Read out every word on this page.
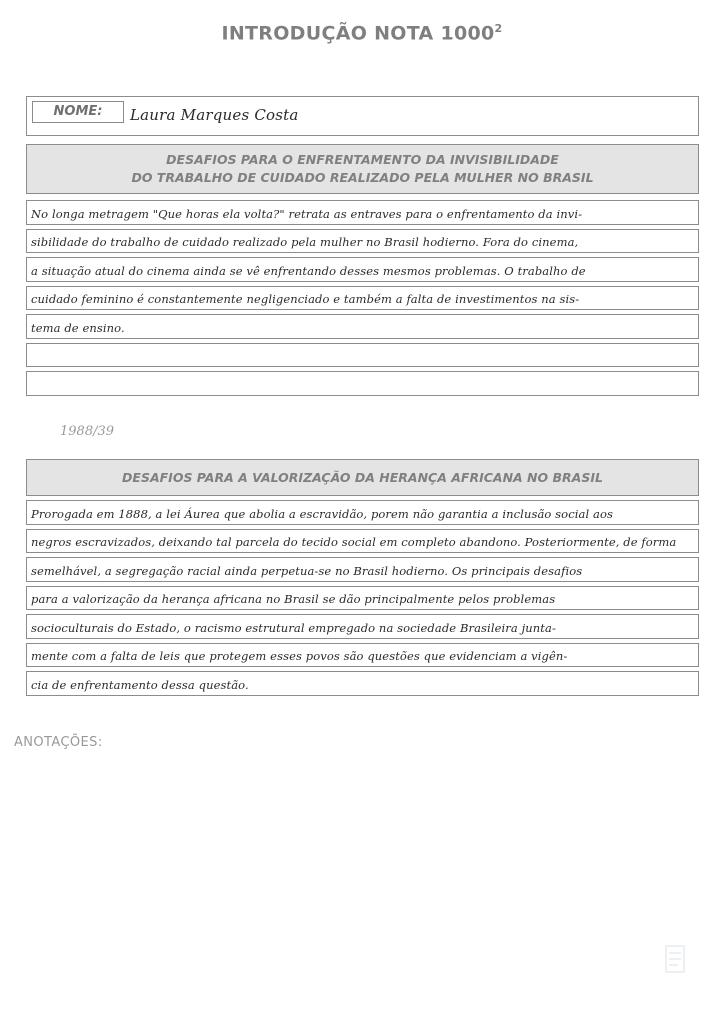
INTRODUÇÃO NOTA 1000$^2$
NOME:	Laura Marques Costa
DESAFIOS PARA O ENFRENTAMENTO DA INVISIBILIDADE
DO TRABALHO DE CUIDADO REALIZADO PELA MULHER NO BRASIL
No longa metragem "Que horas ela volta?" retrata as entraves para o enfrentamento da invi-
sibilidade do trabalho de cuidado realizado pela mulher no Brasil hodierno. Fora do cinema,
a situação atual do cinema ainda se vê enfrentando desses mesmos problemas. O trabalho de
cuidado feminino é constantemente negligenciado e também a falta de investimentos na sis-
tema de ensino.
1988/39
DESAFIOS PARA A VALORIZAÇÃO DA HERANÇA AFRICANA NO BRASIL
Prorogada em 1888, a lei Áurea que abolia a escravidão, porem não garantia a inclusão social aos
negros escravizados, deixando tal parcela do tecido social em completo abandono. Posteriormente, de forma
semelhável, a segregação racial ainda perpetua-se no Brasil hodierno. Os principais desafios
para a valorização da herança africana no Brasil se dão principalmente pelos problemas
socioculturais do Estado, o racismo estrutural empregado na sociedade Brasileira junta-
mente com a falta de leis que protegem esses povos são questões que evidenciam a vigên-
cia de enfrentamento dessa questão.
ANOTAÇÕES:
